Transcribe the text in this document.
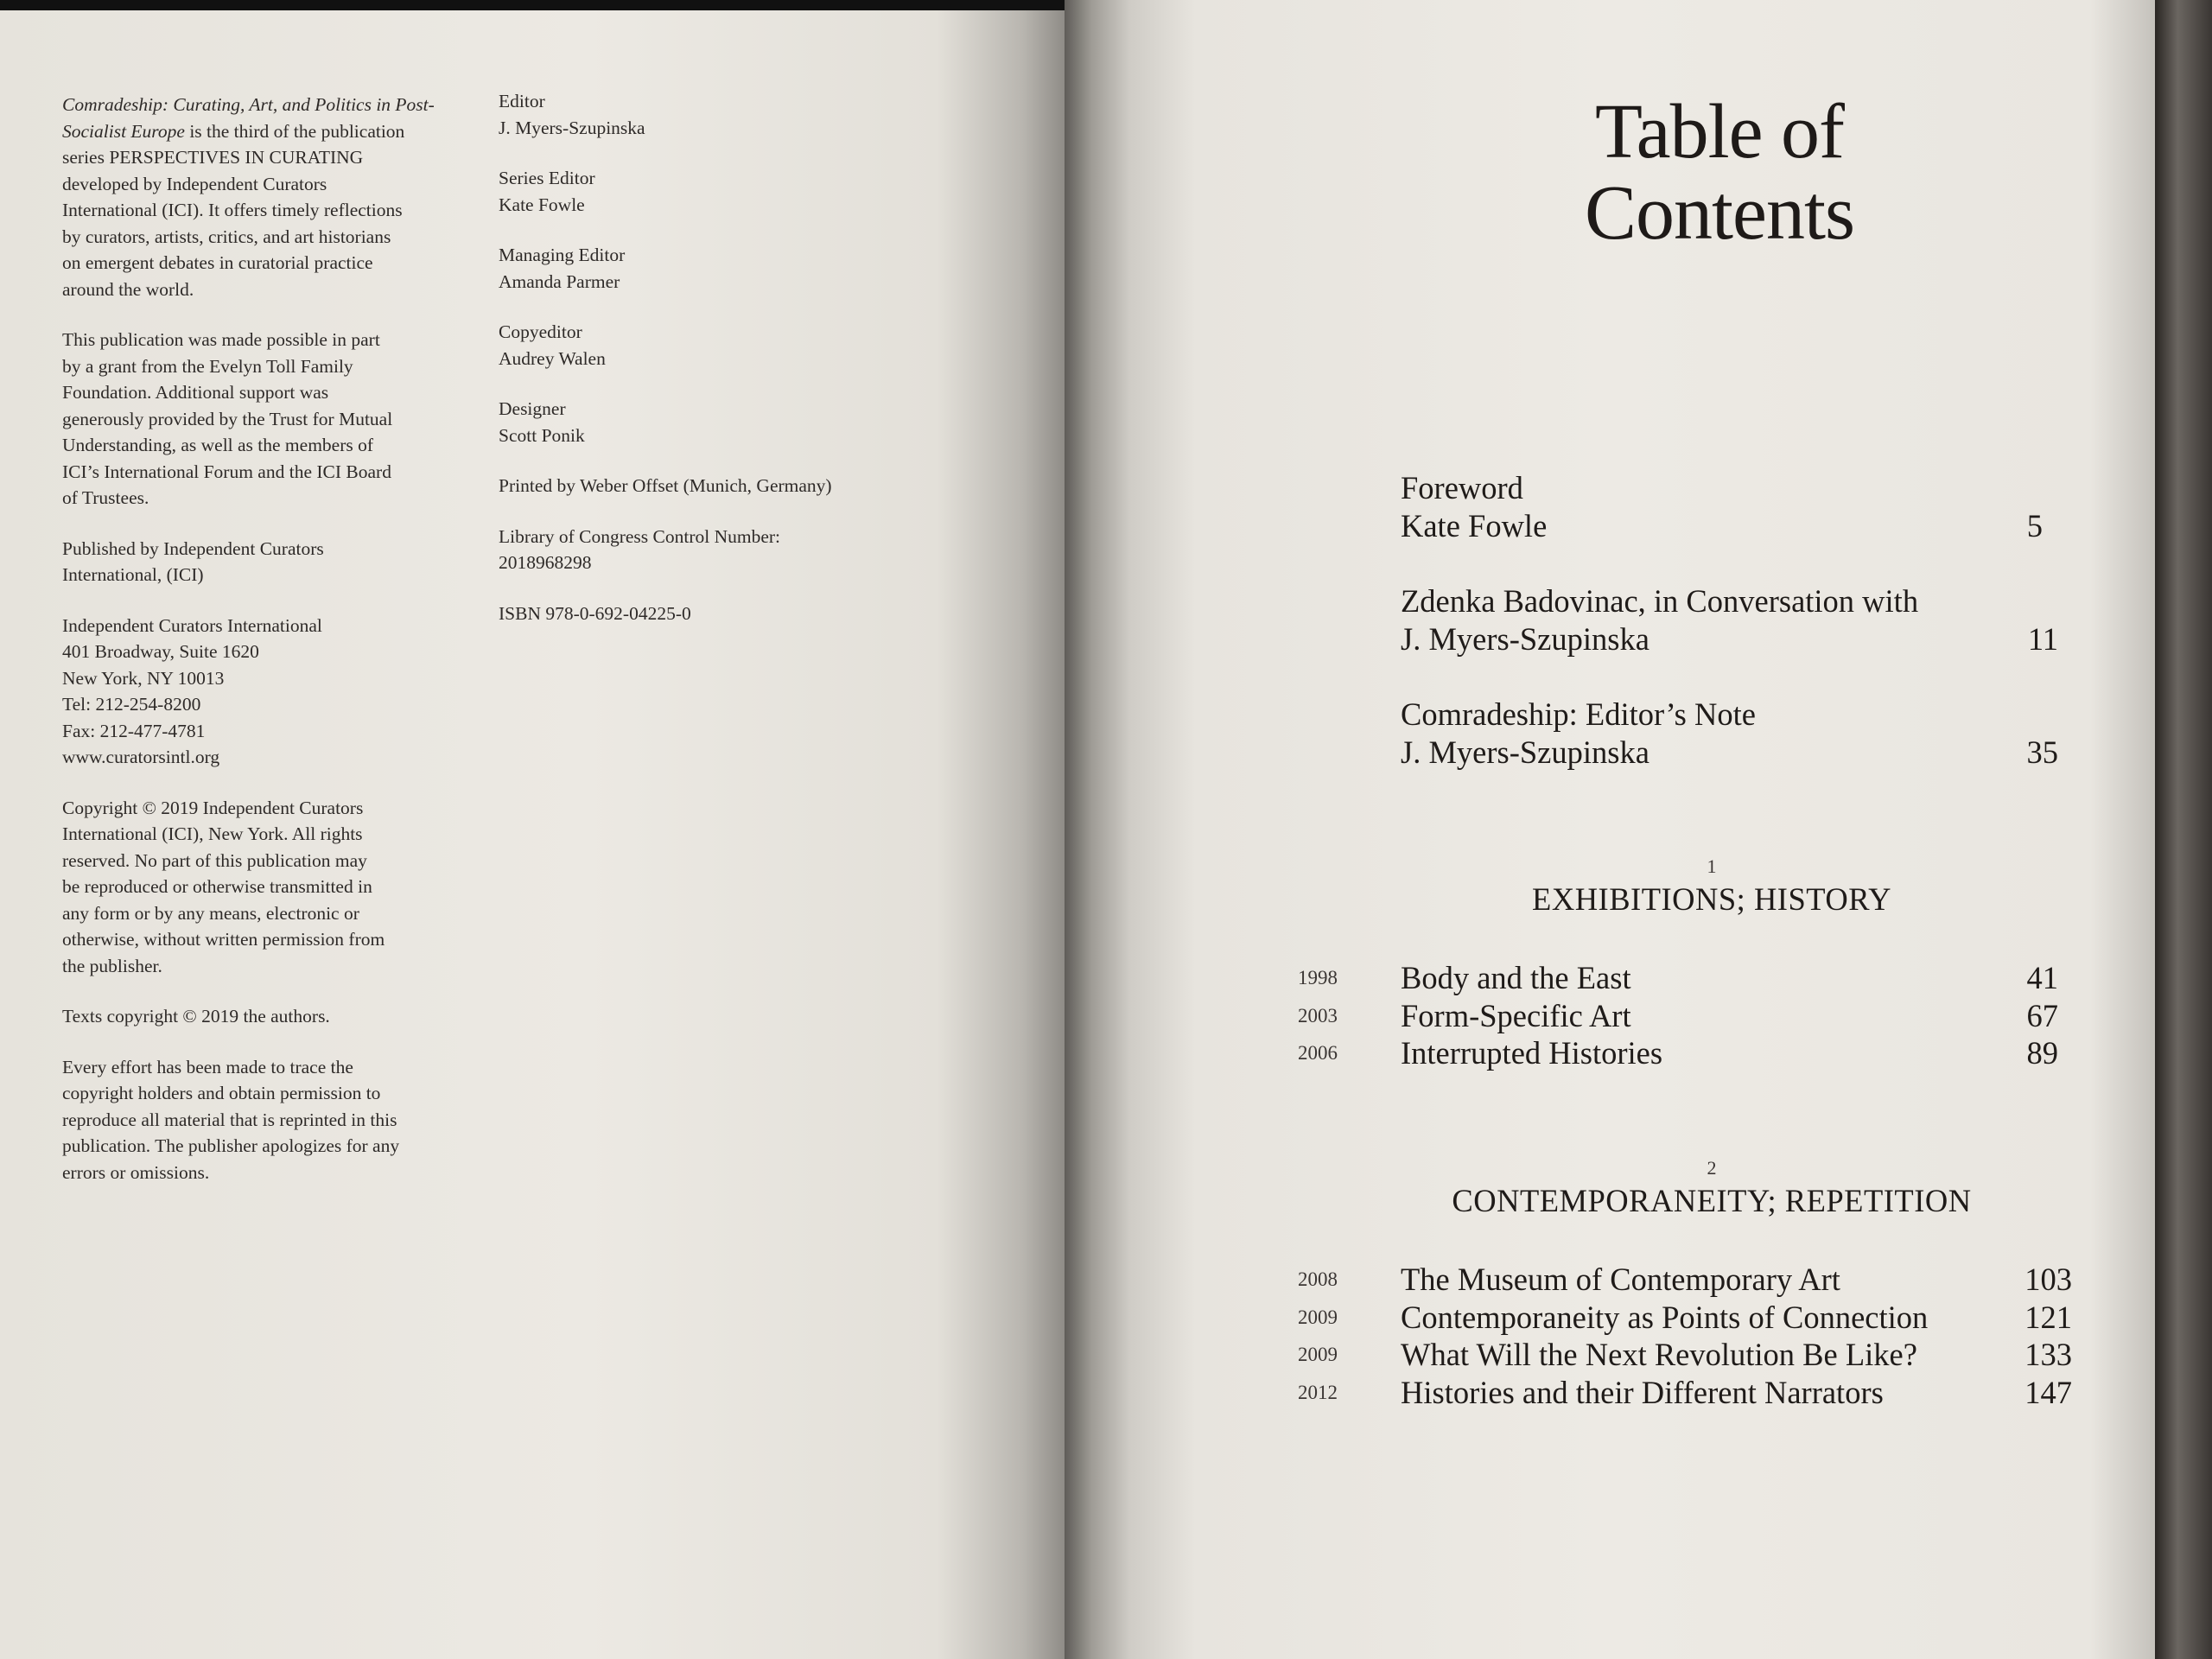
Comradeship: Curating, Art, and Politics in Post-

Socialist Europe is the third of the publication

series PERSPECTIVES IN CURATING

developed by Independent Curators

International (ICI). It offers timely reflections

by curators, artists, critics, and art historians

on emergent debates in curatorial practice

around the world.

This publication was made possible in part

by a grant from the Evelyn Toll Family

Foundation. Additional support was

generously provided by the Trust for Mutual

Understanding, as well as the members of

ICI’s International Forum and the ICI Board

of Trustees.

Published by Independent Curators

International, (ICI)

Independent Curators International

401 Broadway, Suite 1620

New York, NY 10013

Tel: 212-254-8200

Fax: 212-477-4781

www.curatorsintl.org

Copyright © 2019 Independent Curators

International (ICI), New York. All rights

reserved. No part of this publication may

be reproduced or otherwise transmitted in

any form or by any means, electronic or

otherwise, without written permission from

the publisher.

Texts copyright © 2019 the authors.

Every effort has been made to trace the

copyright holders and obtain permission to

reproduce all material that is reprinted in this

publication. The publisher apologizes for any

errors or omissions.

Editor

J. Myers-Szupinska

Series Editor

Kate Fowle

Managing Editor

Amanda Parmer

Copyeditor

Audrey Walen

Designer

Scott Ponik

Printed by Weber Offset (Munich, Germany)

Library of Congress Control Number:

2018968298

ISBN 978-0-692-04225-0

Table of
Contents
Foreword
Kate Fowle	5
Zdenka Badovinac, in Conversation with
J. Myers-Szupinska	11
Comradeship: Editor’s Note
J. Myers-Szupinska	35
1
EXHIBITIONS; HISTORY
1998 Body and the East	41
2003 Form-Specific Art	67
2006 Interrupted Histories	89
2
CONTEMPORANEITY; REPETITION
2008 The Museum of Contemporary Art	103
2009 Contemporaneity as Points of Connection	121
2009 What Will the Next Revolution Be Like?	133
2012 Histories and their Different Narrators	147
